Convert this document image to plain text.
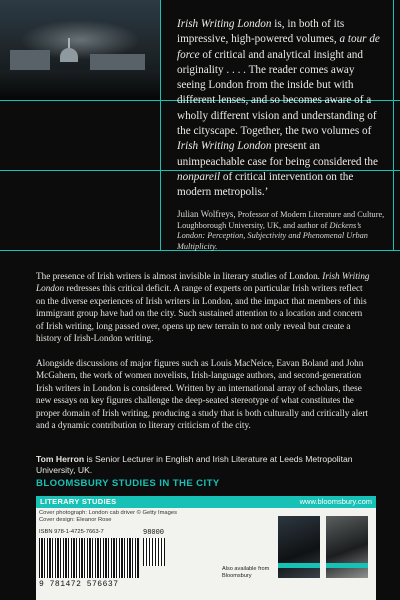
Irish Writing London is, in both of its impressive, high-powered volumes, a tour de force of critical and analytical insight and originality . . . . The reader comes away seeing London from the inside but with different lenses, and so becomes aware of a wholly different vision and understanding of the cityscape. Together, the two volumes of Irish Writing London present an unimpeachable case for being considered the nonpareil of critical intervention on the modern metropolis.’
Julian Wolfreys, Professor of Modern Literature and Culture, Loughborough University, UK, and author of Dickens’s London: Perception, Subjectivity and Phenomenal Urban Multiplicity.
The presence of Irish writers is almost invisible in literary studies of London. Irish Writing London redresses this critical deficit. A range of experts on particular Irish writers reflect on the diverse experiences of Irish writers in London, and the impact that members of this immigrant group have had on the city. Such sustained attention to a location and concern of Irish writing, long passed over, opens up new terrain to not only reveal but create a history of Irish-London writing.
Alongside discussions of major figures such as Louis MacNeice, Eavan Boland and John McGahern, the work of women novelists, Irish-language authors, and second-generation Irish writers in London is considered. Written by an international array of scholars, these new essays on key figures challenge the deep-seated stereotype of what constitutes the proper domain of Irish writing, producing a study that is both culturally and critically alert and a dynamic contribution to literary criticism of the city.
Tom Herron is Senior Lecturer in English and Irish Literature at Leeds Metropolitan University, UK.
BLOOMSBURY STUDIES IN THE CITY
LITERARY STUDIES	www.bloomsbury.com
Cover photograph: London cab driver © Getty Images
Cover design: Eleanor Rose
ISBN 978-1-4725-7663-7
9 781472 576637
98000
Also available from Bloomsbury
